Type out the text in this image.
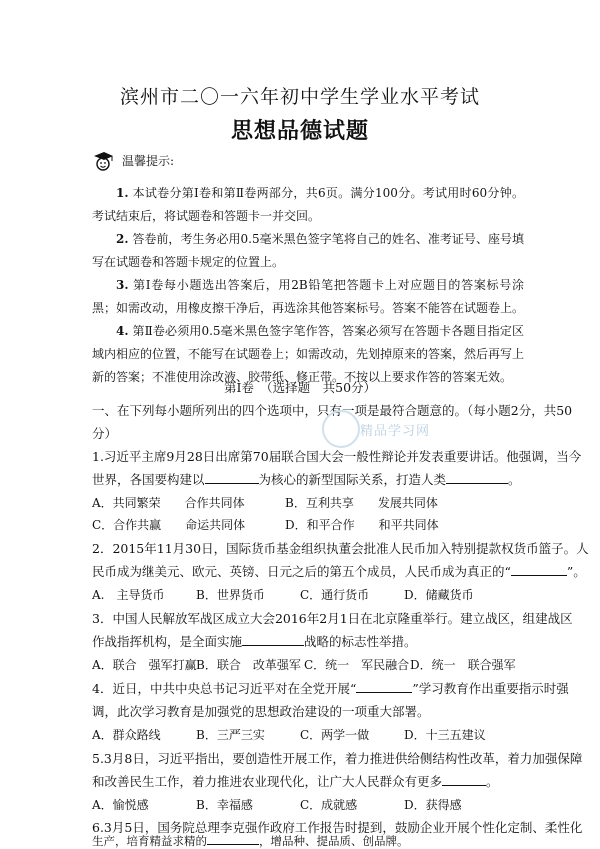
滨州市二〇一六年初中学生学业水平考试
思想品德试题
温馨提示:
1. 本试卷分第Ⅰ卷和第Ⅱ卷两部分，共6页。满分100分。考试用时60分钟。考试结束后，将试题卷和答题卡一并交回。
2. 答卷前，考生务必用0.5毫米黑色签字笔将自己的姓名、准考证号、座号填写在试题卷和答题卡规定的位置上。
3. 第Ⅰ卷每小题选出答案后，用2B铅笔把答题卡上对应题目的答案标号涂黑；如需改动，用橡皮擦干净后，再选涂其他答案标号。答案不能答在试题卷上。
4. 第Ⅱ卷必须用0.5毫米黑色签字笔作答，答案必须写在答题卡各题目指定区域内相应的位置，不能写在试题卷上；如需改动，先划掉原来的答案，然后再写上新的答案；不准使用涂改液、胶带纸、修正带。不按以上要求作答的答案无效。
第Ⅰ卷　（选择题　共50分）
一、在下列每小题所列出的四个选项中，只有一项是最符合题意的。（每小题2分，共50
分）	精品学习网
1.习近平主席9月28日出席第70届联合国大会一般性辩论并发表重要讲话。他强调，当今
世界，各国要构建以	为核心的新型国际关系，打造人类	。
A．共同繁荣　　合作共同体	B．互利共享　　发展共同体
C．合作共赢　　命运共同体	D．和平合作　　和平共同体
2．2015年11月30日，国际货币基金组织执董会批准人民币加入特别提款权货币篮子。人
民币成为继美元、欧元、英镑、日元之后的第五个成员，人民币成为真正的“	”。
A.　主导货币	B．世界货币	C．通行货币	D．储藏货币
3．中国人民解放军战区成立大会2016年2月1日在北京隆重举行。建立战区，组建战区
作战指挥机构，是全面实施	战略的标志性举措。
A．联合　强军打赢 B．联合　改革强军 C．统一　军民融合 D．统一　联合强军
4．近日，中共中央总书记习近平对在全党开展“	”学习教育作出重要指示时强
调，此次学习教育是加强党的思想政治建设的一项重大部署。
A．群众路线	B．三严三实	C．两学一做	D．十三五建议
5.3月8日，习近平指出，要创造性开展工作，着力推进供给侧结构性改革，着力加强保障
和改善民生工作，着力推进农业现代化，让广大人民群众有更多	。
A．愉悦感	B．幸福感	C．成就感	D．获得感
6.3月5日，国务院总理李克强作政府工作报告时提到，鼓励企业开展个性化定制、柔性化
生产，培育精益求精的	，增品种、提品质、创品牌。
